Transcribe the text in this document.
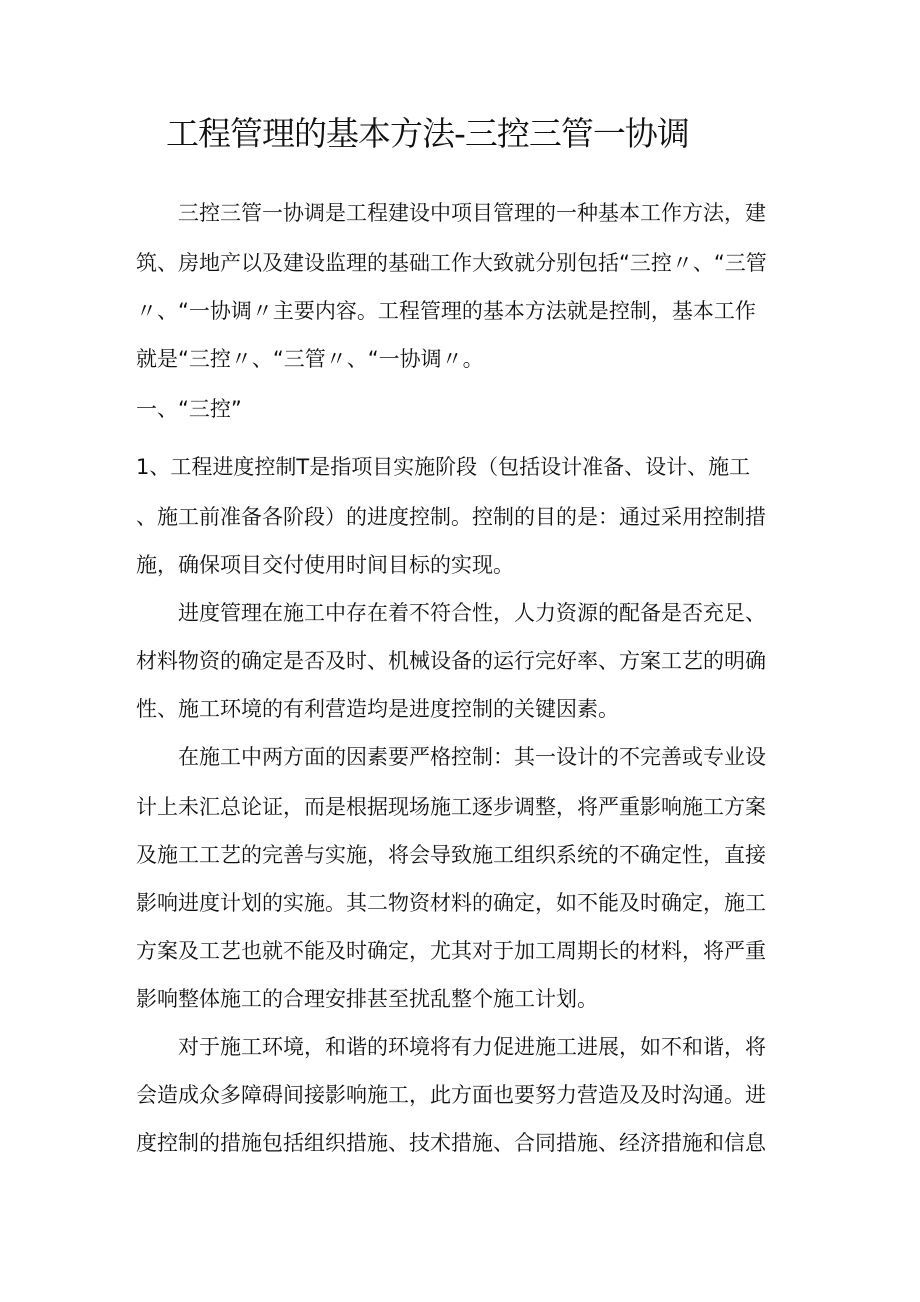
工程管理的基本方法-三控三管一协调
三控三管一协调是工程建设中项目管理的一种基本工作方法，建
筑、房地产以及建设监理的基础工作大致就分别包括“三控〃、“三管
〃、“一协调〃主要内容。工程管理的基本方法就是控制，基本工作
就是“三控〃、“三管〃、“一协调〃。
一、“三控”
1、工程进度控制T是指项目实施阶段（包括设计准备、设计、施工
、施工前准备各阶段）的进度控制。控制的目的是：通过采用控制措
施，确保项目交付使用时间目标的实现。
进度管理在施工中存在着不符合性，人力资源的配备是否充足、
材料物资的确定是否及时、机械设备的运行完好率、方案工艺的明确
性、施工环境的有利营造均是进度控制的关键因素。
在施工中两方面的因素要严格控制：其一设计的不完善或专业设
计上未汇总论证，而是根据现场施工逐步调整，将严重影响施工方案
及施工工艺的完善与实施，将会导致施工组织系统的不确定性，直接
影响进度计划的实施。其二物资材料的确定，如不能及时确定，施工
方案及工艺也就不能及时确定，尤其对于加工周期长的材料，将严重
影响整体施工的合理安排甚至扰乱整个施工计划。
对于施工环境，和谐的环境将有力促进施工进展，如不和谐，将
会造成众多障碍间接影响施工，此方面也要努力营造及及时沟通。进
度控制的措施包括组织措施、技术措施、合同措施、经济措施和信息
